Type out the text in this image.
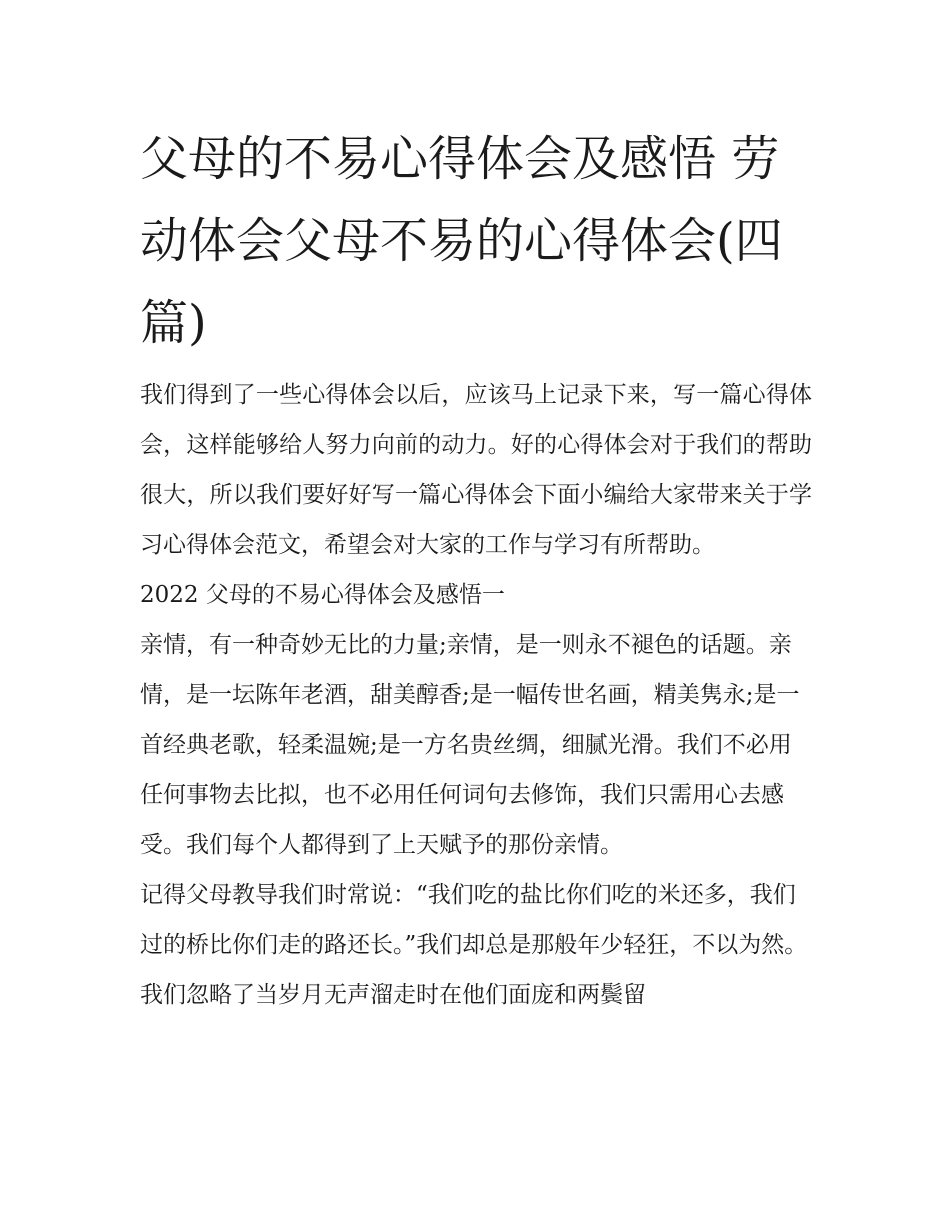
父母的不易心得体会及感悟 劳动体会父母不易的心得体会(四篇)

我们得到了一些心得体会以后，应该马上记录下来，写一篇心得体会，这样能够给人努力向前的动力。好的心得体会对于我们的帮助很大，所以我们要好好写一篇心得体会下面小编给大家带来关于学习心得体会范文，希望会对大家的工作与学习有所帮助。

2022 父母的不易心得体会及感悟一

亲情，有一种奇妙无比的力量;亲情，是一则永不褪色的话题。亲情，是一坛陈年老酒，甜美醇香;是一幅传世名画，精美隽永;是一首经典老歌，轻柔温婉;是一方名贵丝绸，细腻光滑。我们不必用任何事物去比拟，也不必用任何词句去修饰，我们只需用心去感受。我们每个人都得到了上天赋予的那份亲情。

记得父母教导我们时常说：“我们吃的盐比你们吃的米还多，我们过的桥比你们走的路还长。”我们却总是那般年少轻狂，不以为然。我们忽略了当岁月无声溜走时在他们面庞和两鬓留
